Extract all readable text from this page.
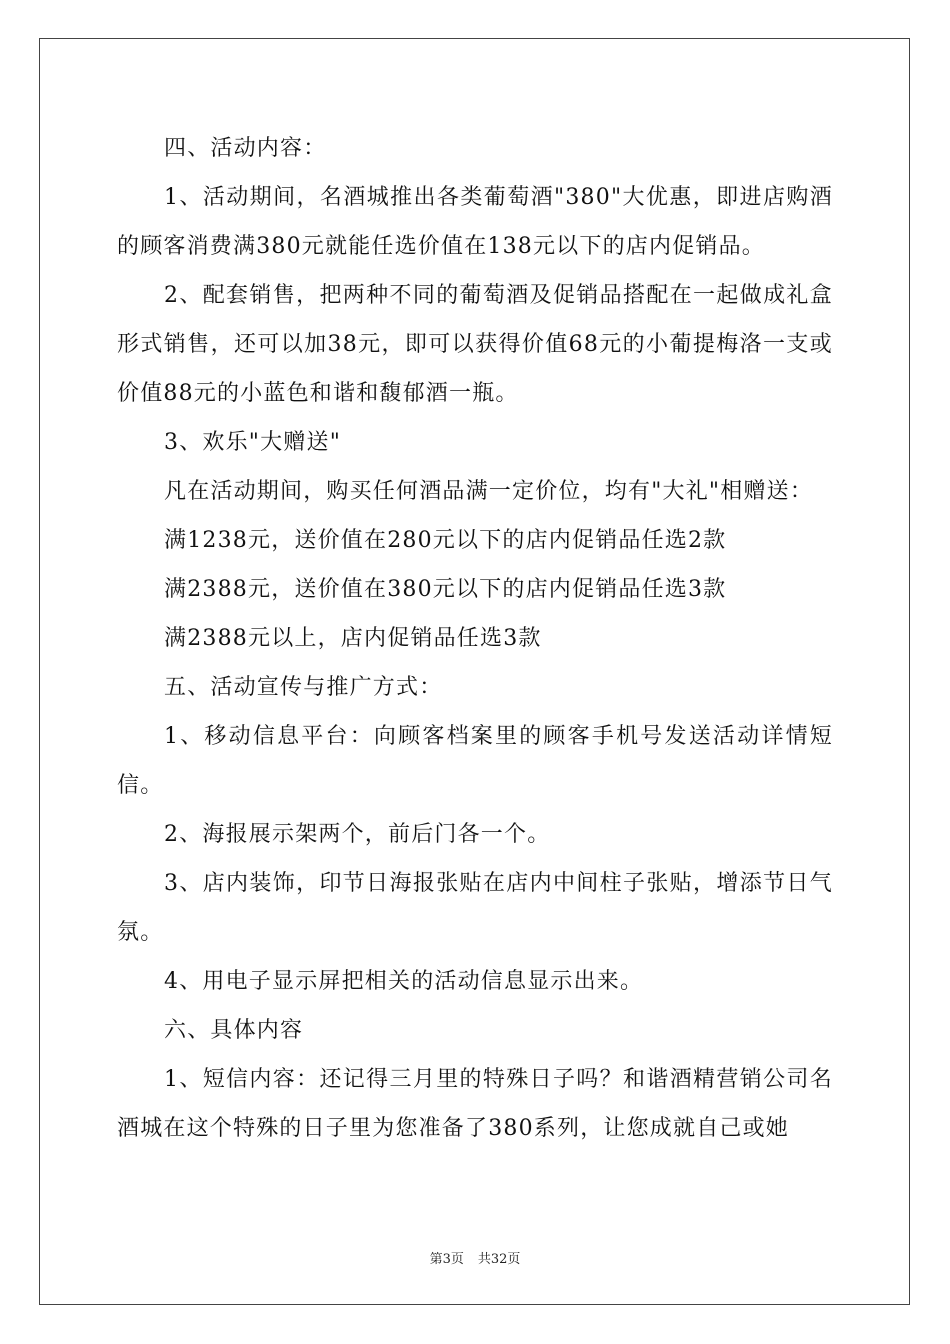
四、活动内容：

1、活动期间，名酒城推出各类葡萄酒"380"大优惠，即进店购酒的顾客消费满380元就能任选价值在138元以下的店内促销品。

2、配套销售，把两种不同的葡萄酒及促销品搭配在一起做成礼盒形式销售，还可以加38元，即可以获得价值68元的小葡提梅洛一支或价值88元的小蓝色和谐和馥郁酒一瓶。

3、欢乐"大赠送"

凡在活动期间，购买任何酒品满一定价位，均有"大礼"相赠送：

满1238元，送价值在280元以下的店内促销品任选2款

满2388元，送价值在380元以下的店内促销品任选3款

满2388元以上，店内促销品任选3款

五、活动宣传与推广方式：

1、移动信息平台：向顾客档案里的顾客手机号发送活动详情短信。

2、海报展示架两个，前后门各一个。

3、店内装饰，印节日海报张贴在店内中间柱子张贴，增添节日气氛。

4、用电子显示屏把相关的活动信息显示出来。

六、具体内容

1、短信内容：还记得三月里的特殊日子吗？和谐酒精营销公司名酒城在这个特殊的日子里为您准备了380系列，让您成就自己或她

第3页 共32页
